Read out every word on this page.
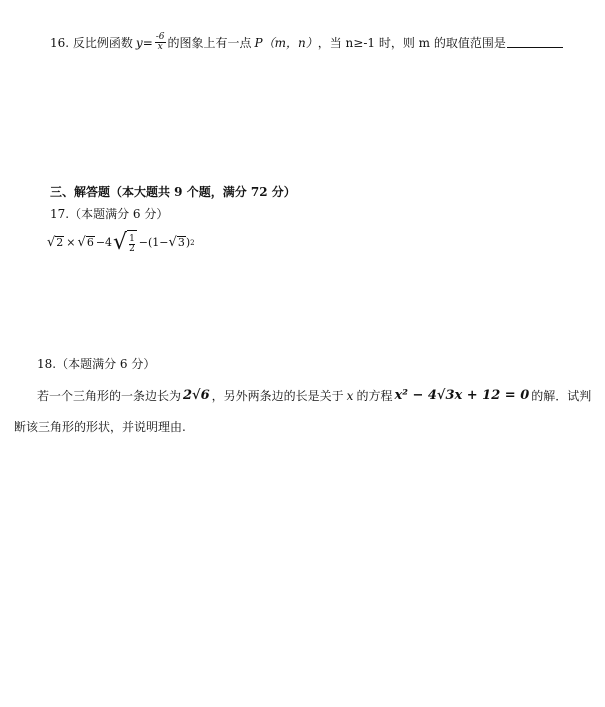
16. 反比例函数 $y = \frac{-6}{x}$ 的图象上有一点 P（m，n） ，当 n≥-1 时，则 m 的取值范围是
三、解答题（本大题共 9 个题，满分 72 分）
17.（本题满分 6 分）
√ 2 × √ 6 −4 √ $\frac{1}{2} -(1-$ √ 3 ) 2
18.（本题满分 6 分）
若一个三角形的一条边长为 2√6 ，另外两条边的长是关于 x 的方程 x² − 4√3x + 12 = 0 的解．试判
断该三角形的形状，并说明理由.
